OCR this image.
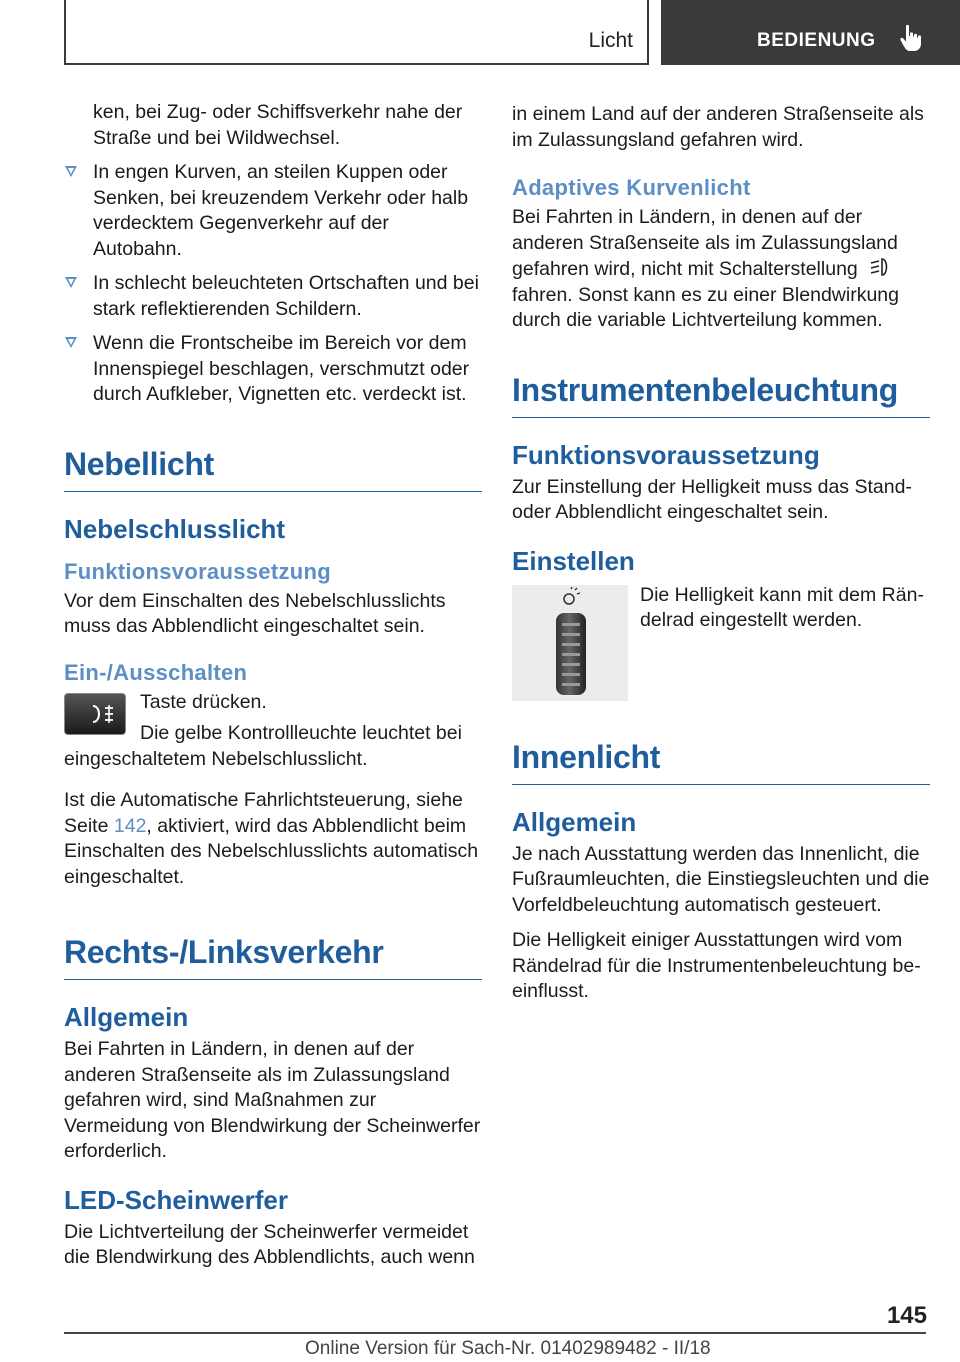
Licht	BEDIENUNG
ken, bei Zug- oder Schiffsverkehr nahe der Straße und bei Wildwechsel.
In engen Kurven, an steilen Kuppen oder Senken, bei kreuzendem Verkehr oder halb verdecktem Gegenverkehr auf der Autobahn.
In schlecht beleuchteten Ortschaften und bei stark reflektierenden Schildern.
Wenn die Frontscheibe im Bereich vor dem Innenspiegel beschlagen, verschmutzt oder durch Aufkleber, Vignetten etc. verdeckt ist.
Nebellicht
Nebelschlusslicht
Funktionsvoraussetzung

Vor dem Einschalten des Nebelschlusslichts muss das Abblendlicht eingeschaltet sein.

Ein-/Ausschalten

Taste drücken.

Die gelbe Kontrollleuchte leuchtet bei eingeschaltetem Nebelschlusslicht.

Ist die Automatische Fahrlichtsteuerung, siehe Seite 142, aktiviert, wird das Abblendlicht beim Einschalten des Nebelschlusslichts automatisch eingeschaltet.

Rechts-/Linksverkehr
Allgemein

Bei Fahrten in Ländern, in denen auf der anderen Straßenseite als im Zulassungsland gefahren wird, sind Maßnahmen zur Vermeidung von Blendwirkung der Scheinwerfer erforderlich.

LED-Scheinwerfer

Die Lichtverteilung der Scheinwerfer vermeidet die Blendwirkung des Abblendlichts, auch wenn

in einem Land auf der anderen Straßenseite als im Zulassungsland gefahren wird.

Adaptives Kurvenlicht

Bei Fahrten in Ländern, in denen auf der anderen Straßenseite als im Zulassungsland gefahren wird, nicht mit Schalterstellungfahren. Sonst kann es zu einer Blendwirkung durch die variable Lichtverteilung kommen.

Instrumentenbeleuchtung
Funktionsvoraussetzung

Zur Einstellung der Helligkeit muss das Stand- oder Abblendlicht eingeschaltet sein.

Einstellen

Die Helligkeit kann mit dem Rändelrad eingestellt werden.

Innenlicht
Allgemein

Je nach Ausstattung werden das Innenlicht, die Fußraumleuchten, die Einstiegsleuchten und die Vorfeldbeleuchtung automatisch gesteuert.

Die Helligkeit einiger Ausstattungen wird vom Rändelrad für die Instrumentenbeleuchtung beeinflusst.

145
Online Version für Sach-Nr. 01402989482 - II/18
